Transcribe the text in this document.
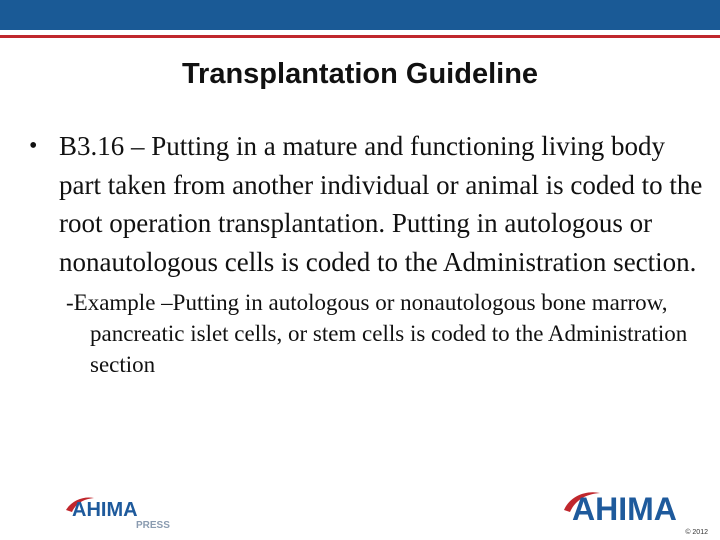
Transplantation Guideline
• B3.16 – Putting in a mature and functioning living body part taken from another individual or animal is coded to the root operation transplantation. Putting in autologous or nonautologous cells is coded to the Administration section.
-Example –Putting in autologous or nonautologous bone marrow, pancreatic islet cells, or stem cells is coded to the Administration section
AHIMA
PRESS	AHIMA
© 2012
